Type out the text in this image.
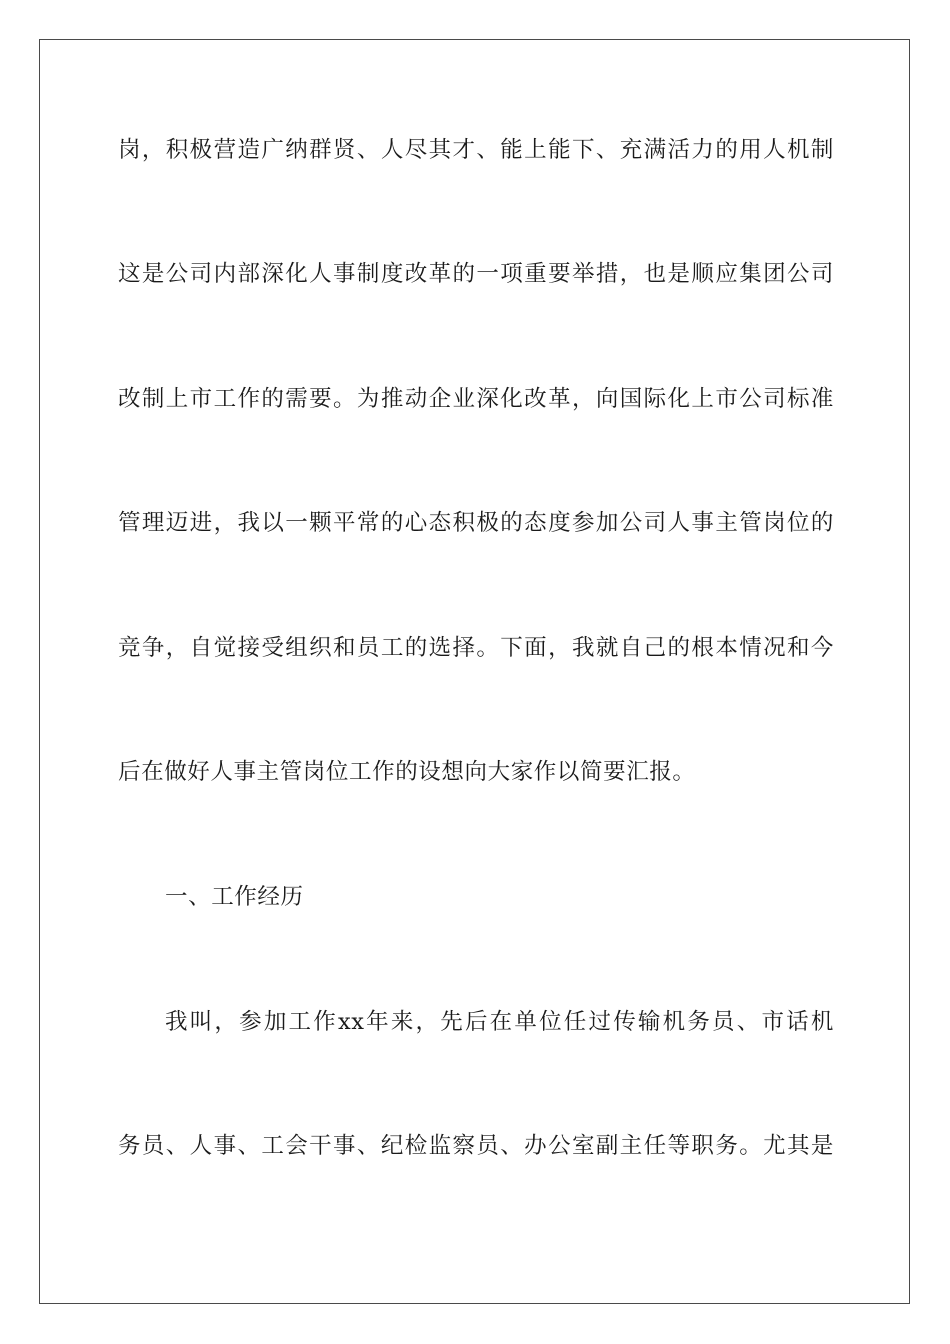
岗，积极营造广纳群贤、人尽其才、能上能下、充满活力的用人机制
这是公司内部深化人事制度改革的一项重要举措，也是顺应集团公司
改制上市工作的需要。为推动企业深化改革，向国际化上市公司标准
管理迈进，我以一颗平常的心态积极的态度参加公司人事主管岗位的
竞争，自觉接受组织和员工的选择。下面，我就自己的根本情况和今
后在做好人事主管岗位工作的设想向大家作以简要汇报。
一、工作经历
我叫，参加工作xx年来，先后在单位任过传输机务员、市话机
务员、人事、工会干事、纪检监察员、办公室副主任等职务。尤其是
